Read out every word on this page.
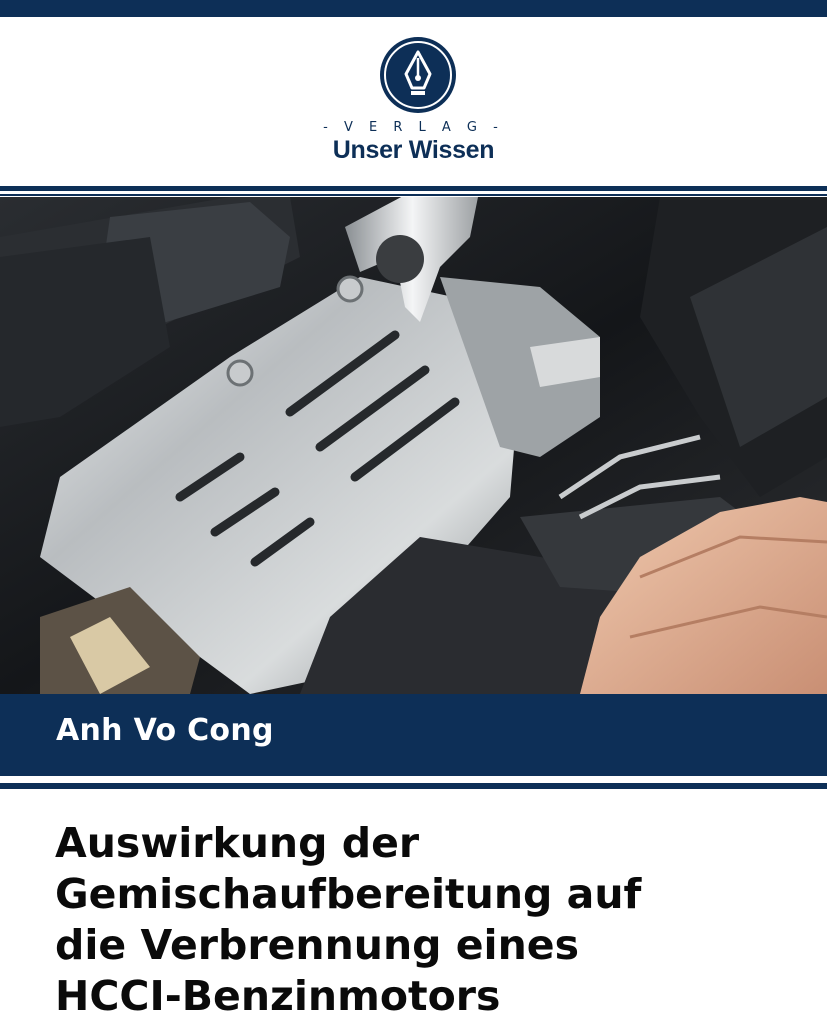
- V E R L A G -
Unser Wissen
Anh Vo Cong
Auswirkung der
Gemischaufbereitung auf
die Verbrennung eines
HCCI-Benzinmotors
